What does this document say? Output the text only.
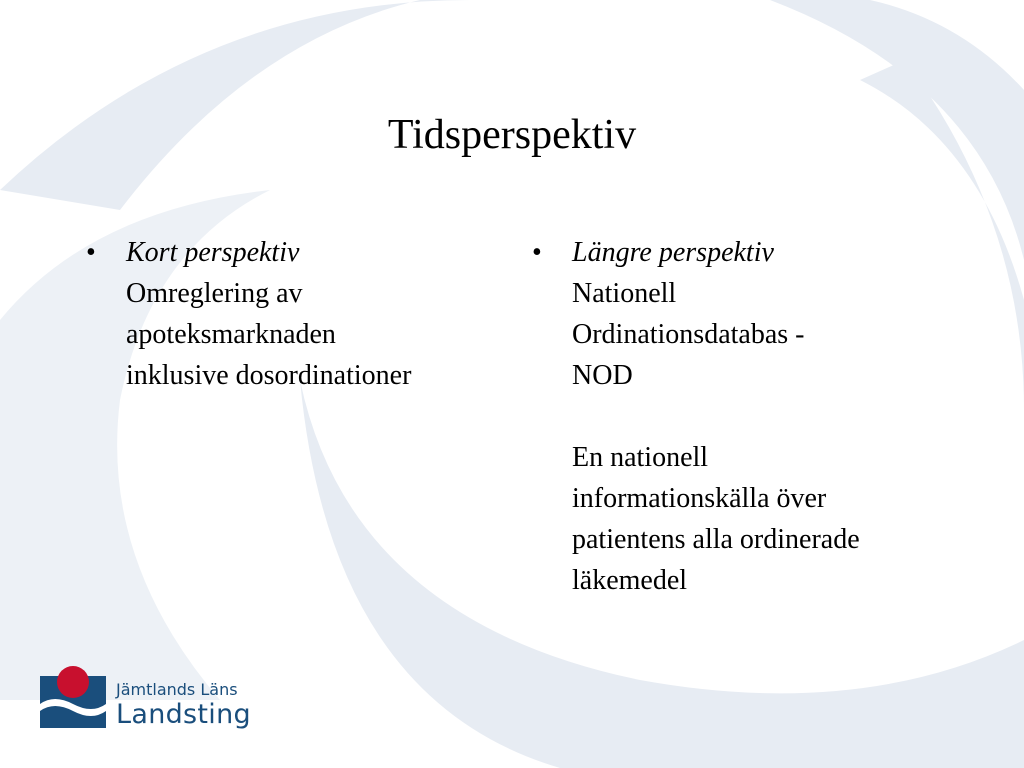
Tidsperspektiv
•	Kort perspektiv
Omreglering av
apoteksmarknaden
inklusive dosordinationer
•	Längre perspektiv
Nationell
Ordinationsdatabas -
NOD
En nationell
informationskälla över
patientens alla ordinerade
läkemedel
Jämtlands Läns
Landsting
